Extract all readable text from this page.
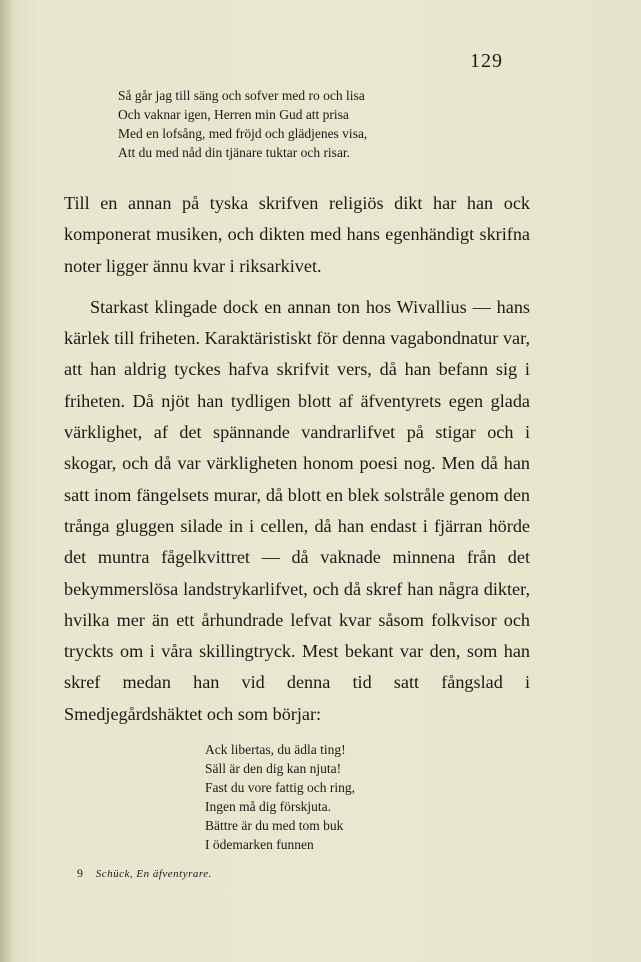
129
Så går jag till säng och sofver med ro och lisa
Och vaknar igen, Herren min Gud att prisa
Med en lofsång, med fröjd och glädjenes visa,
Att du med nåd din tjänare tuktar och risar.

Till en annan på tyska skrifven religiös dikt har han ock komponerat musiken, och dikten med hans egenhändigt skrifna noter ligger ännu kvar i riksarkivet.

Starkast klingade dock en annan ton hos Wivallius — hans kärlek till friheten. Karaktäristiskt för denna vagabondnatur var, att han aldrig tyckes hafva skrifvit vers, då han befann sig i friheten. Då njöt han tydligen blott af äfventyrets egen glada värklighet, af det spännande vandrarlifvet på stigar och i skogar, och då var värkligheten honom poesi nog. Men då han satt inom fängelsets murar, då blott en blek solstråle genom den trånga gluggen silade in i cellen, då han endast i fjärran hörde det muntra fågelkvittret — då vaknade minnena från det bekymmerslösa landstrykarlifvet, och då skref han några dikter, hvilka mer än ett århundrade lefvat kvar såsom folkvisor och tryckts om i våra skillingtryck. Mest bekant var den, som han skref medan han vid denna tid satt fångslad i Smedjegårdshäktet och som börjar:

Ack libertas, du ädla ting!
Säll är den dig kan njuta!
Fast du vore fattig och ring,
Ingen må dig förskjuta.
Bättre är du med tom buk
I ödemarken funnen
9 Schück, En äfventyrare.
